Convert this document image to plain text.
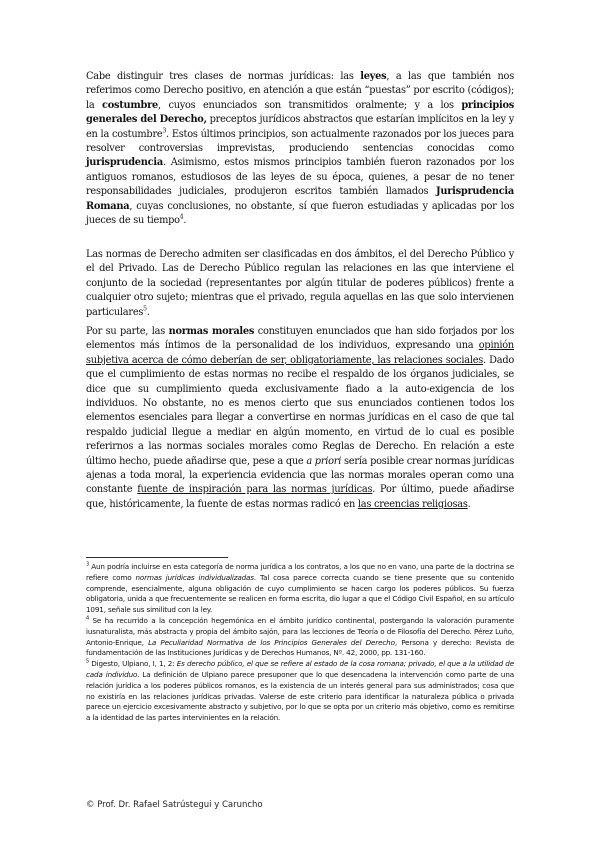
Cabe distinguir tres clases de normas jurídicas: las leyes, a las que también nos referimos como Derecho positivo, en atención a que están “puestas” por escrito (códigos); la costumbre, cuyos enunciados son transmitidos oralmente; y a los principios generales del Derecho, preceptos jurídicos abstractos que estarían implícitos en la ley y en la costumbre$^3$. Estos últimos principios, son actualmente razonados por los jueces para resolver controversias imprevistas, produciendo sentencias conocidas como jurisprudencia. Asimismo, estos mismos principios también fueron razonados por los antiguos romanos, estudiosos de las leyes de su época, quienes, a pesar de no tener responsabilidades judiciales, produjeron escritos también llamados Jurisprudencia Romana, cuyas conclusiones, no obstante, sí que fueron estudiadas y aplicadas por los jueces de su tiempo$^4$.

Las normas de Derecho admiten ser clasificadas en dos ámbitos, el del Derecho Público y el del Privado. Las de Derecho Público regulan las relaciones en las que interviene el conjunto de la sociedad (representantes por algún titular de poderes públicos) frente a cualquier otro sujeto; mientras que el privado, regula aquellas en las que solo intervienen particulares$^5$.

Por su parte, las normas morales constituyen enunciados que han sido forjados por los elementos más íntimos de la personalidad de los individuos, expresando una opinión subjetiva acerca de cómo deberían de ser, obligatoriamente, las relaciones sociales. Dado que el cumplimiento de estas normas no recibe el respaldo de los órganos judiciales, se dice que su cumplimiento queda exclusivamente fiado a la auto-exigencia de los individuos. No obstante, no es menos cierto que sus enunciados contienen todos los elementos esenciales para llegar a convertirse en normas jurídicas en el caso de que tal respaldo judicial llegue a mediar en algún momento, en virtud de lo cual es posible referirnos a las normas sociales morales como Reglas de Derecho. En relación a este último hecho, puede añadirse que, pese a que a priori sería posible crear normas jurídicas ajenas a toda moral, la experiencia evidencia que las normas morales operan como una constante fuente de inspiración para las normas jurídicas. Por último, puede añadirse que, históricamente, la fuente de estas normas radicó en las creencias religiosas.

$^3$ Aun podría incluirse en esta categoría de norma jurídica a los contratos, a los que no en vano, una parte de la doctrina se refiere como normas jurídicas individualizadas. Tal cosa parece correcta cuando se tiene presente que su contenido comprende, esencialmente, alguna obligación de cuyo cumplimiento se hacen cargo los poderes públicos. Su fuerza obligatoria, unida a que frecuentemente se realicen en forma escrita, dio lugar a que el Código Civil Español, en su artículo 1091, señale sus similitud con la ley.

$^4$ Se ha recurrido a la concepción hegemónica en el ámbito jurídico continental, postergando la valoración puramente iusnaturalista, más abstracta y propia del ámbito sajón, para las lecciones de Teoría o de Filosofía del Derecho. Pérez Luño, Antonio-Enrique, La Peculiaridad Normativa de los Principios Generales del Derecho, Persona y derecho: Revista de fundamentación de las Instituciones Jurídicas y de Derechos Humanos, Nº. 42, 2000, pp. 131-160.

$^5$ Digesto, Ulpiano, I, 1, 2: Es derecho público, el que se refiere al estado de la cosa romana; privado, el que a la utilidad de cada individuo. La definición de Ulpiano parece presuponer que lo que desencadena la intervención como parte de una relación jurídica a los poderes públicos romanos, es la existencia de un interés general para sus administrados; cosa que no existiría en las relaciones jurídicas privadas. Valerse de este criterio para identificar la naturaleza pública o privada parece un ejercicio excesivamente abstracto y subjetivo, por lo que se opta por un criterio más objetivo, como es remitirse a la identidad de las partes intervinientes en la relación.

© Prof. Dr. Rafael Satrústegui y Caruncho
